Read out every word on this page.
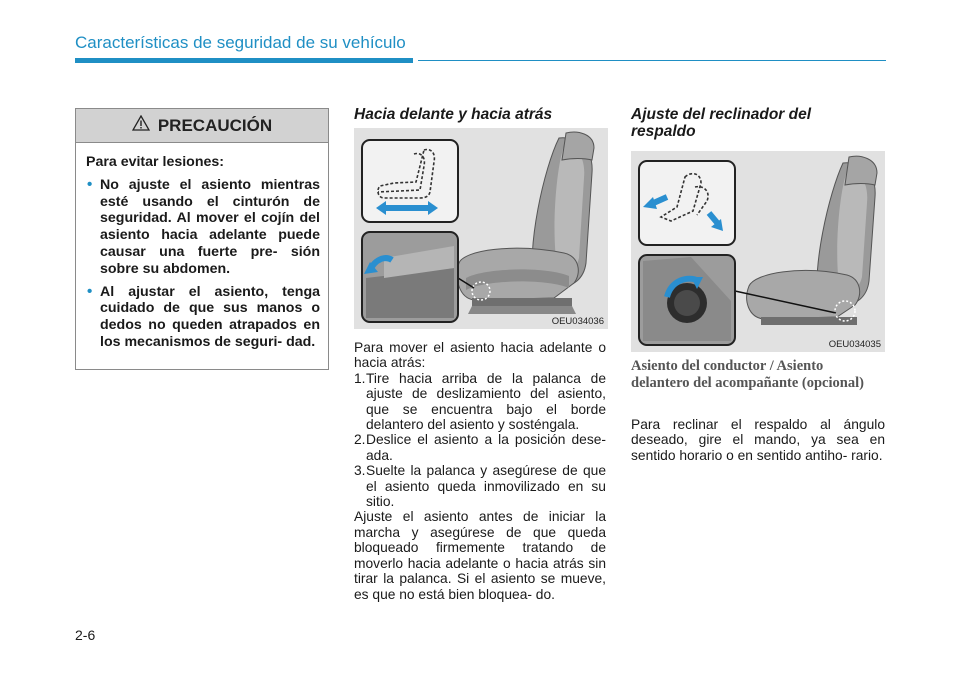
Características de seguridad de su vehículo
PRECAUCIÓN
Para evitar lesiones:
• No ajuste el asiento mientras esté usando el cinturón de seguridad. Al mover el cojín del asiento hacia adelante puede causar una fuerte pre- sión sobre su abdomen.
• Al ajustar el asiento, tenga cuidado de que sus manos o dedos no queden atrapados en los mecanismos de seguri- dad.
Hacia delante y hacia atrás
OEU034036

Para mover el asiento hacia adelante o hacia atrás:

1. Tire hacia arriba de la palanca de ajuste de deslizamiento del asiento, que se encuentra bajo el borde delantero del asiento y sosténgala.
2. Deslice el asiento a la posición dese- ada.
3. Suelte la palanca y asegúrese de que el asiento queda inmovilizado en su sitio.

Ajuste el asiento antes de iniciar la marcha y asegúrese de que queda bloqueado firmemente tratando de moverlo hacia adelante o hacia atrás sin tirar la palanca. Si el asiento se mueve, es que no está bien bloquea- do.

Ajuste del reclinador del respaldo
OEU034035
Asiento del conductor / Asiento delantero del acompañante (opcional)

Para reclinar el respaldo al ángulo deseado, gire el mando, ya sea en sentido horario o en sentido antiho- rario.

2-6
